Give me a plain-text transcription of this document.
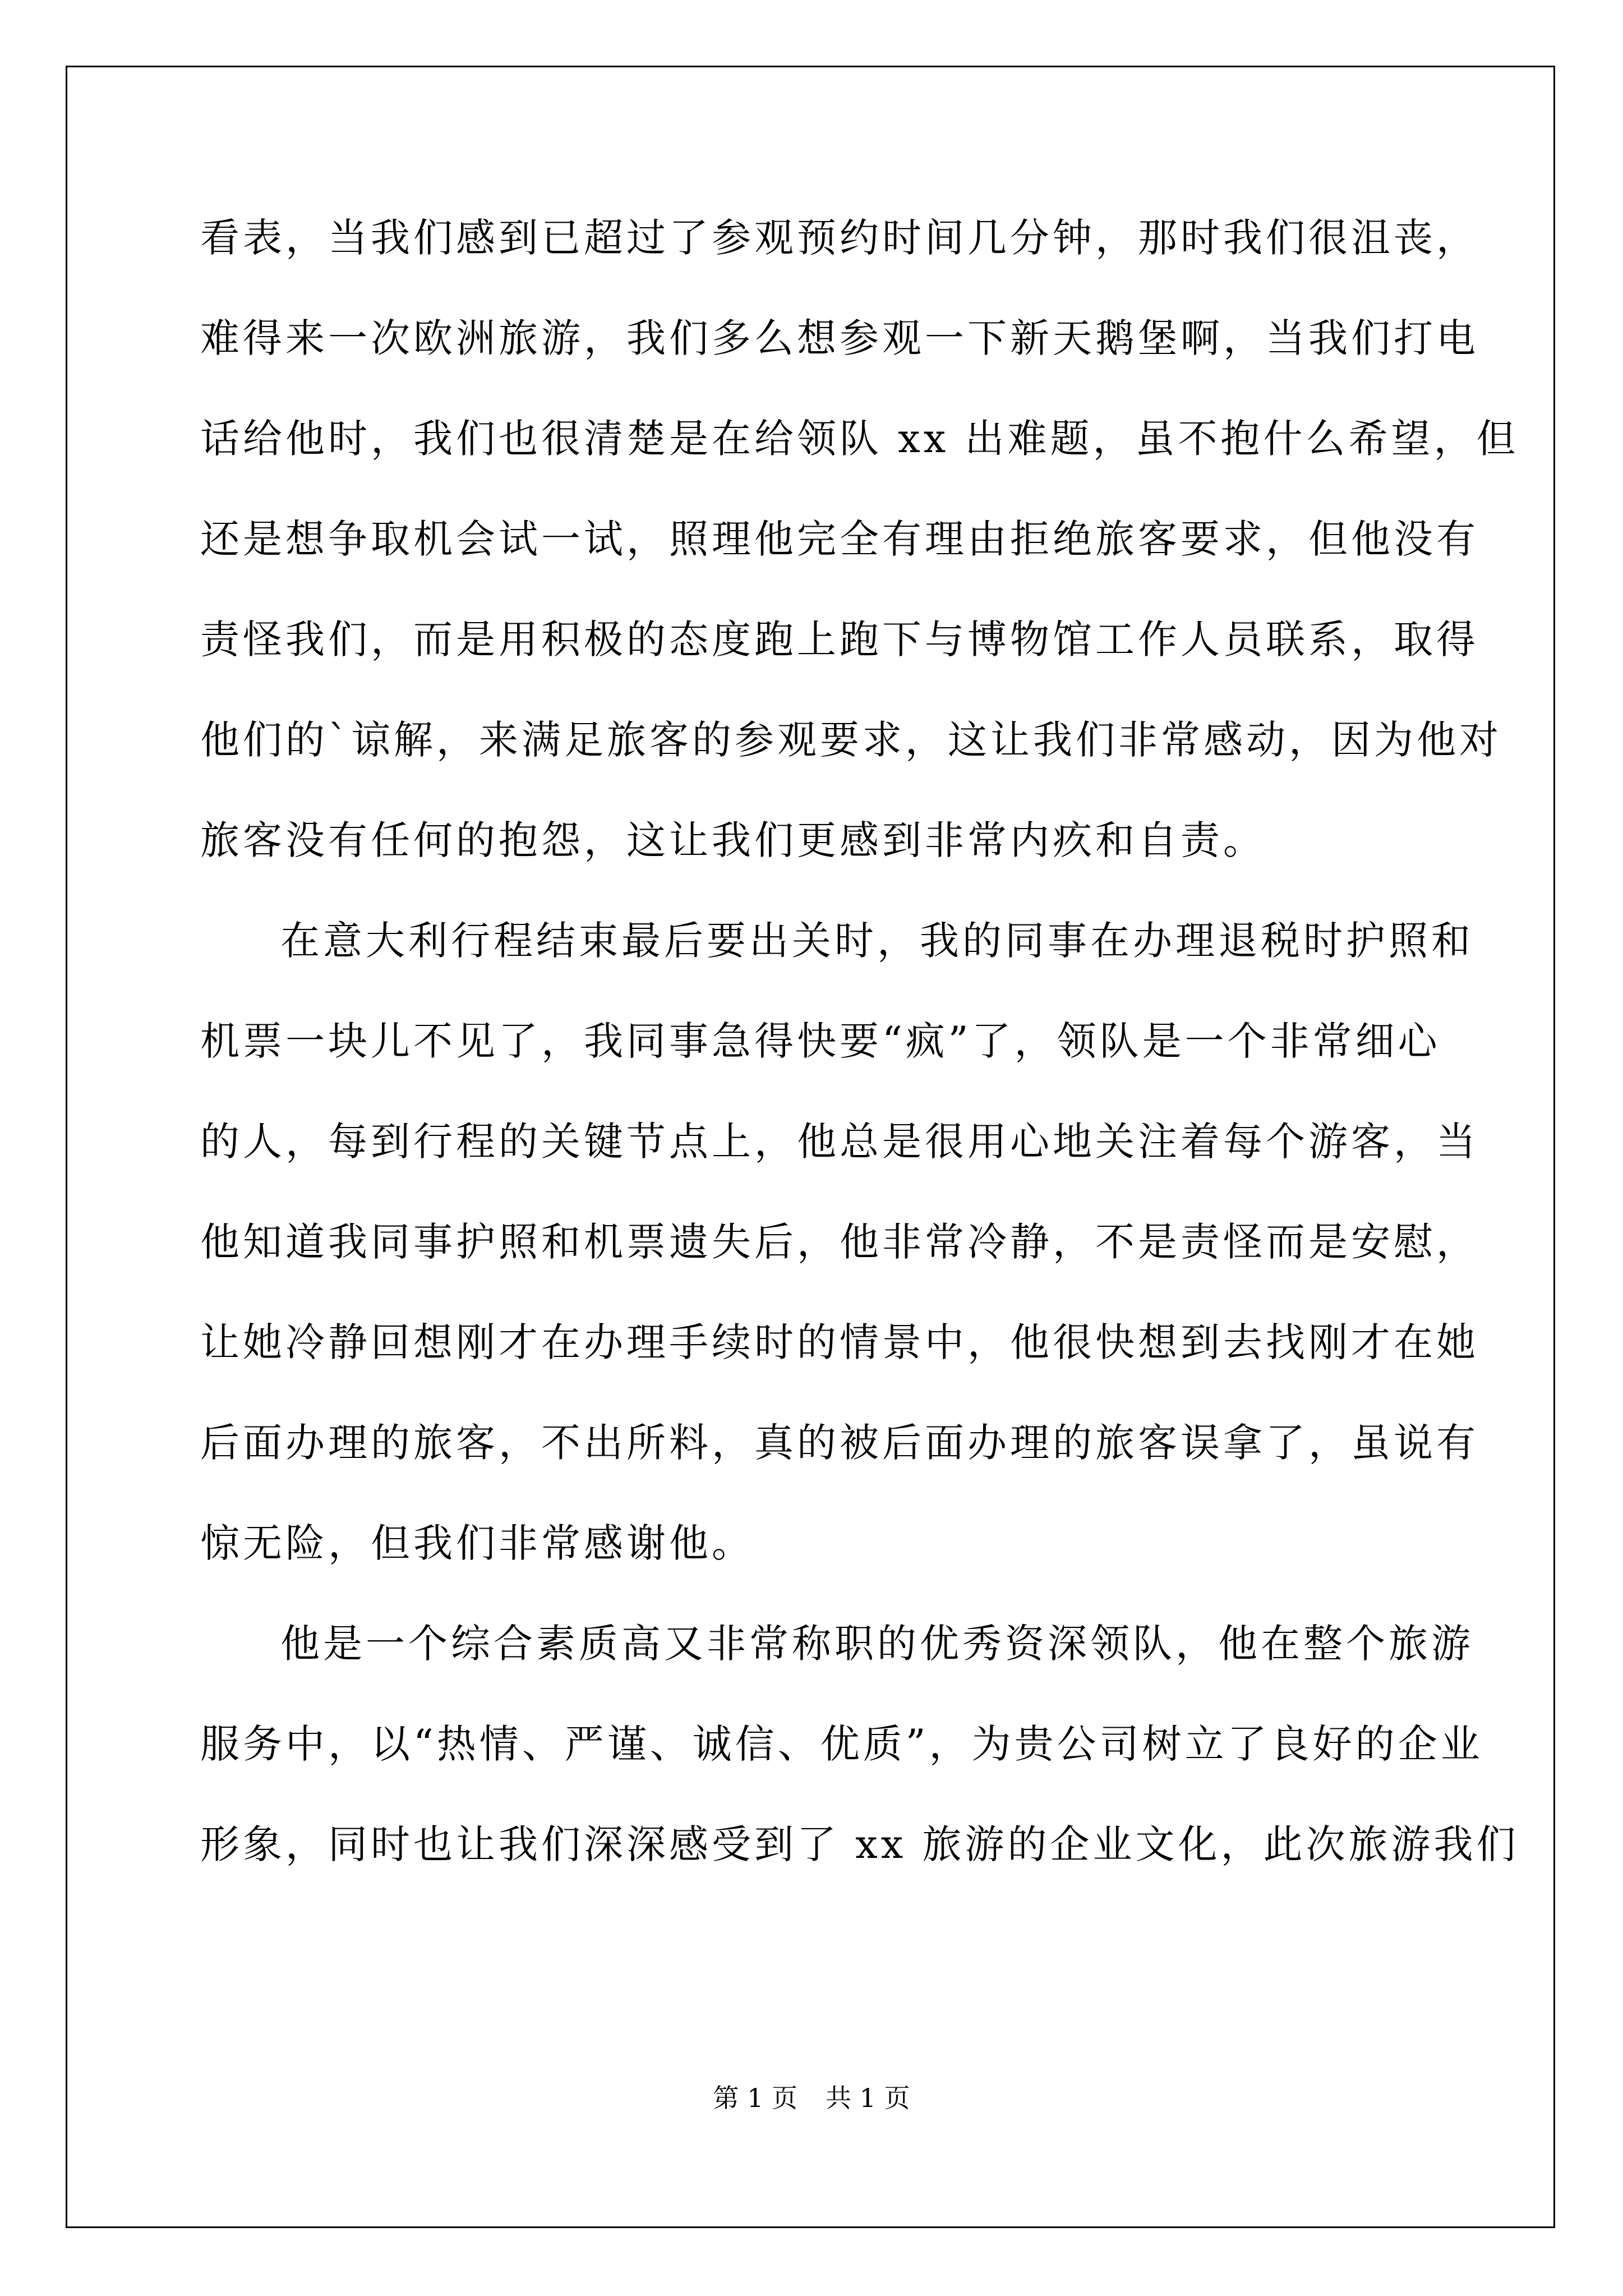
看表，当我们感到已超过了参观预约时间几分钟，那时我们很沮丧，
难得来一次欧洲旅游，我们多么想参观一下新天鹅堡啊，当我们打电
话给他时，我们也很清楚是在给领队 xx 出难题，虽不抱什么希望，但
还是想争取机会试一试，照理他完全有理由拒绝旅客要求，但他没有
责怪我们，而是用积极的态度跑上跑下与博物馆工作人员联系，取得
他们的`谅解，来满足旅客的参观要求，这让我们非常感动，因为他对
旅客没有任何的抱怨，这让我们更感到非常内疚和自责。
在意大利行程结束最后要出关时，我的同事在办理退税时护照和
机票一块儿不见了，我同事急得快要“疯”了，领队是一个非常细心
的人，每到行程的关键节点上，他总是很用心地关注着每个游客，当
他知道我同事护照和机票遗失后，他非常冷静，不是责怪而是安慰，
让她冷静回想刚才在办理手续时的情景中，他很快想到去找刚才在她
后面办理的旅客，不出所料，真的被后面办理的旅客误拿了，虽说有
惊无险，但我们非常感谢他。
他是一个综合素质高又非常称职的优秀资深领队，他在整个旅游
服务中，以“热情、严谨、诚信、优质”，为贵公司树立了良好的企业
形象，同时也让我们深深感受到了 xx 旅游的企业文化，此次旅游我们
第 1 页 共 1 页
